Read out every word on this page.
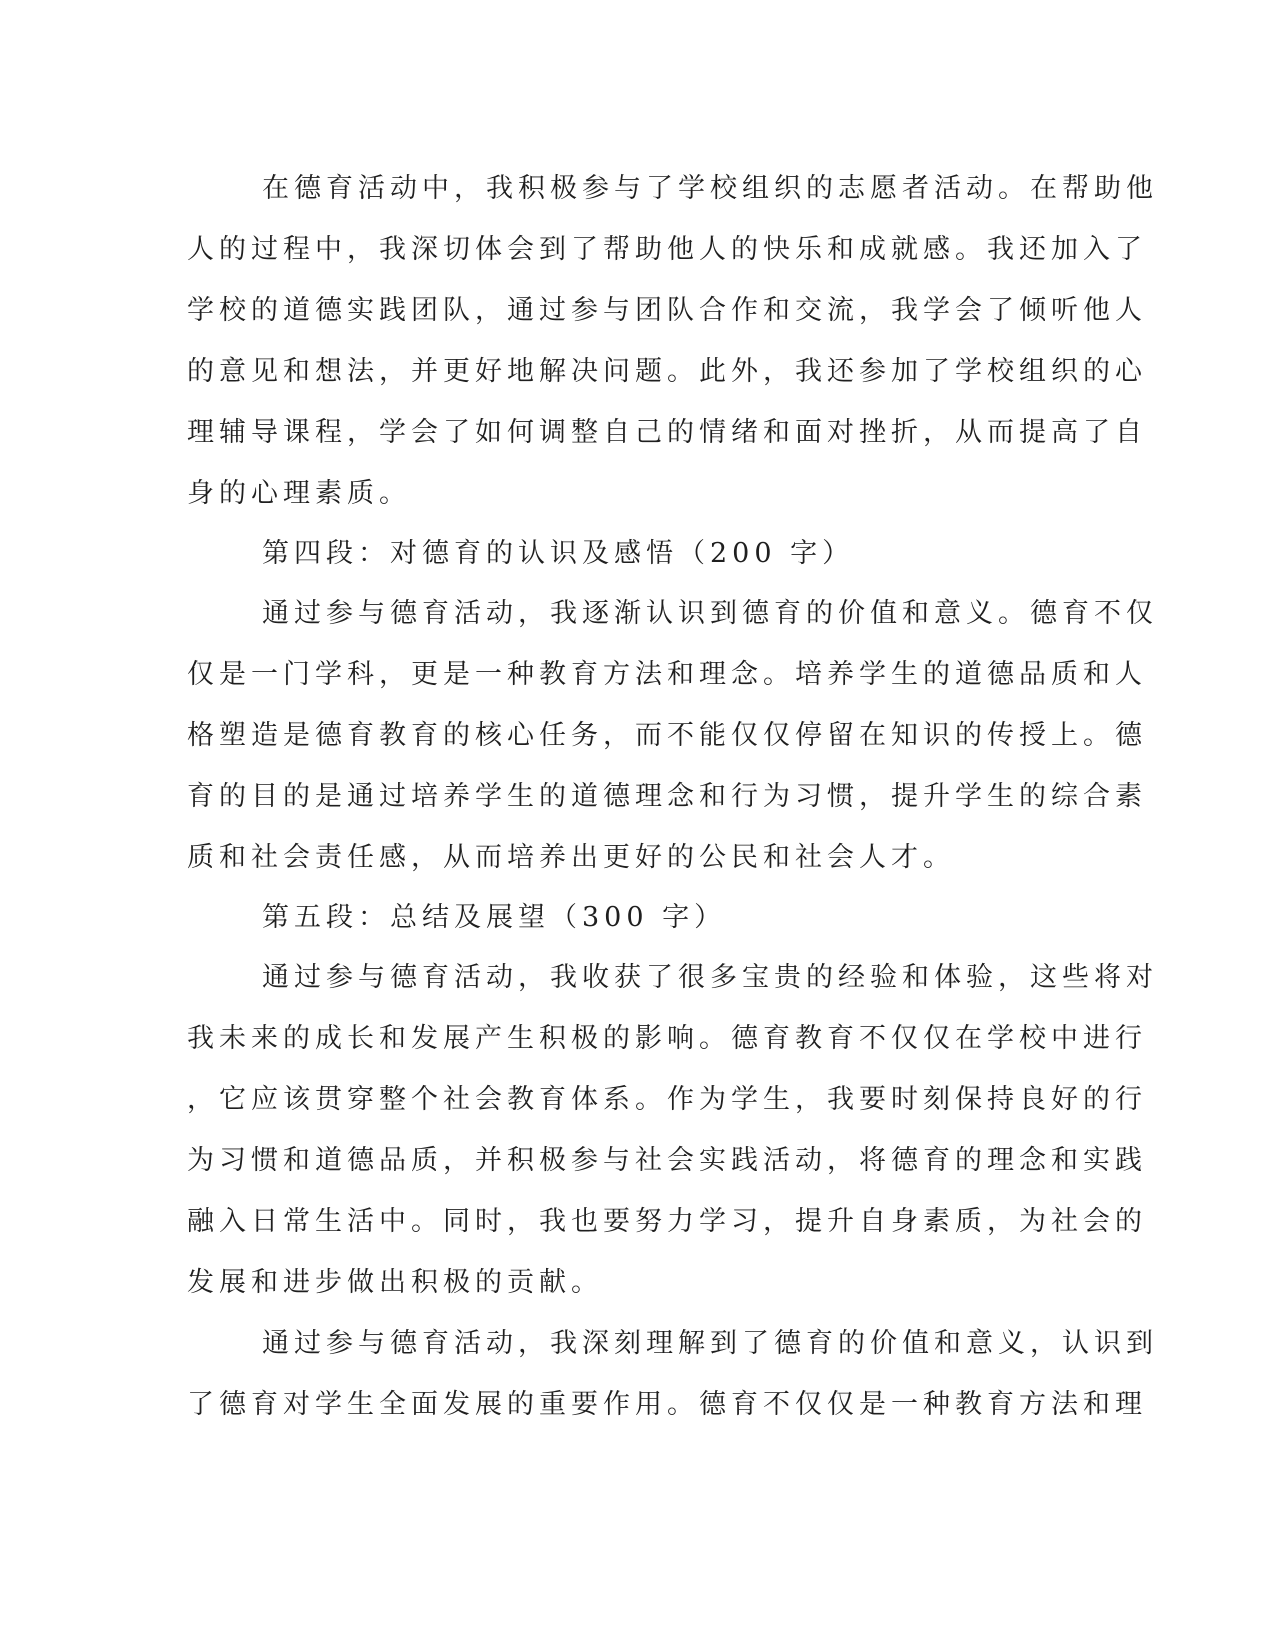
在德育活动中，我积极参与了学校组织的志愿者活动。在帮助他
人的过程中，我深切体会到了帮助他人的快乐和成就感。我还加入了
学校的道德实践团队，通过参与团队合作和交流，我学会了倾听他人
的意见和想法，并更好地解决问题。此外，我还参加了学校组织的心
理辅导课程，学会了如何调整自己的情绪和面对挫折，从而提高了自
身的心理素质。
第四段：对德育的认识及感悟（200 字）
通过参与德育活动，我逐渐认识到德育的价值和意义。德育不仅
仅是一门学科，更是一种教育方法和理念。培养学生的道德品质和人
格塑造是德育教育的核心任务，而不能仅仅停留在知识的传授上。德
育的目的是通过培养学生的道德理念和行为习惯，提升学生的综合素
质和社会责任感，从而培养出更好的公民和社会人才。
第五段：总结及展望（300 字）
通过参与德育活动，我收获了很多宝贵的经验和体验，这些将对
我未来的成长和发展产生积极的影响。德育教育不仅仅在学校中进行
，它应该贯穿整个社会教育体系。作为学生，我要时刻保持良好的行
为习惯和道德品质，并积极参与社会实践活动，将德育的理念和实践
融入日常生活中。同时，我也要努力学习，提升自身素质，为社会的
发展和进步做出积极的贡献。
通过参与德育活动，我深刻理解到了德育的价值和意义，认识到
了德育对学生全面发展的重要作用。德育不仅仅是一种教育方法和理
